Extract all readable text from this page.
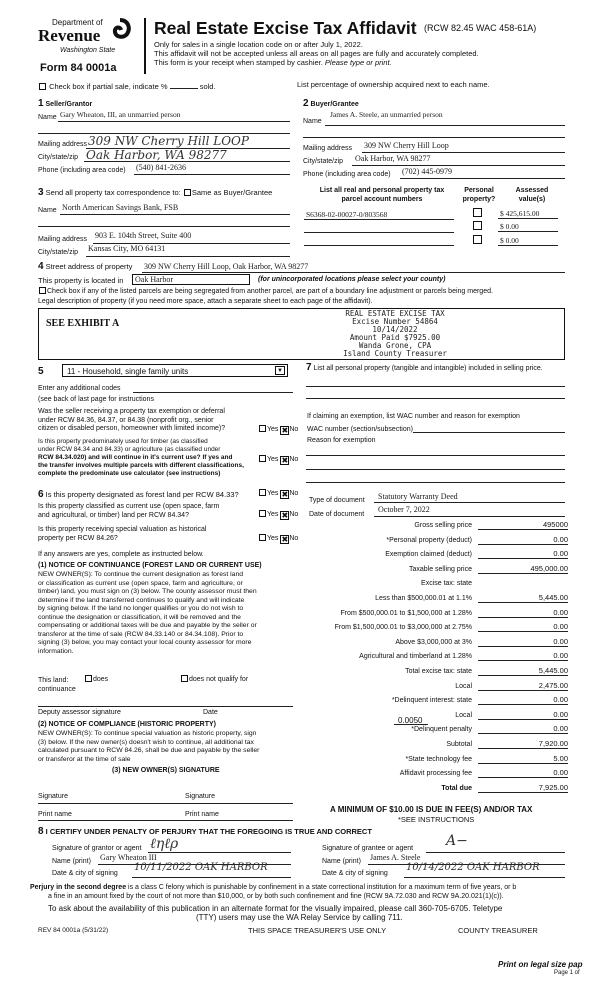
Department of
Revenue
Washington State
Form 84 0001a
Real Estate Excise Tax Affidavit (RCW 82.45 WAC 458-61A)
Only for sales in a single location code on or after July 1, 2022.
This affidavit will not be accepted unless all areas on all pages are fully and accurately completed.
This form is your receipt when stamped by cashier. Please type or print.
Check box if partial sale, indicate %	sold.	List percentage of ownership acquired next to each name.
1 Seller/Grantor
Name Gary Wheaton, III, an unmarried person
Mailing address 309 NW Cherry Hill LOOP
City/state/zip Oak Harbor, WA 98277
Phone (including area code) (540) 841-2636
2 Buyer/Grantee
Name
James A. Steele, an unmarried person
Mailing address 309 NW Cherry Hill Loop
City/state/zip Oak Harbor, WA 98277
Phone (including area code) (702) 445-0979
3 Send all property tax correspondence to: Same as Buyer/Grantee
Name North American Savings Bank, FSB
Mailing address 903 E. 104th Street, Suite 400
City/state/zip Kansas City, MO 64131
List all real and personal property tax parcel account numbers
Personal property?
Assessed value(s)
S6368-02-00027-0/803568	$ 425,615.00
$ 0.00
$ 0.00
4 Street address of property 309 NW Cherry Hill Loop, Oak Harbor, WA 98277
This property is located in	Oak Harbor	(for unincorporated locations please select your county)
Check box if any of the listed parcels are being segregated from another parcel, are part of a boundary line adjustment or parcels being merged.
Legal description of property (if you need more space, attach a separate sheet to each page of the affidavit).
SEE EXHIBIT A
REAL ESTATE EXCISE TAX
Excise Number 54864
10/14/2022
Amount Paid $7925.00
Wanda Grone, CPA
Island County Treasurer
5	11 - Household, single family units	▼
Enter any additional codes
(see back of last page for instructions
Was the seller receiving a property tax exemption or deferral
under RCW 84.36, 84.37, or 84.38 (nonprofit org., senior
citizen or disabled person, homeowner with limited income)?	Yes ✖No
Is this property predominately used for timber (as classified
under RCW 84.34 and 84.33) or agriculture (as classified under
RCW 84.34.020) and will continue in it's current use? If yes and
the transfer involves multiple parcels with different classifications,
complete the predominate use calculator (see instructions)
Yes ✖No
7 List all personal property (tangible and intangible) included in selling price.
If claiming an exemption, list WAC number and reason for exemption
WAC number (section/subsection)
Reason for exemption
Type of document Statutory Warranty Deed
Date of document
October 7, 2022
6 Is this property designated as forest land per RCW 84.33?	Yes ✖No
Is this property classified as current use (open space, farm
and agricultural, or timber) land per RCW 84.34?	Yes ✖No
Is this property receiving special valuation as historical
property per RCW 84.26?	Yes ✖No
If any answers are yes, complete as instructed below.
(1) NOTICE OF CONTINUANCE (FOREST LAND OR CURRENT USE)
NEW OWNER(S): To continue the current designation as forest land
or classification as current use (open space, farm and agriculture, or
timber) land, you must sign on (3) below. The county assessor must then
determine if the land transferred continues to qualify and will indicate
by signing below. If the land no longer qualifies or you do not wish to
continue the designation or classification, it will be removed and the
compensating or additional taxes will be due and payable by the seller or
transferor at the time of sale (RCW 84.33.140 or 84.34.108). Prior to
signing (3) below, you may contact your local county assessor for more
information.
This land:	does	does not qualify for
continuance
Deputy assessor signature	Date
(2) NOTICE OF COMPLIANCE (HISTORIC PROPERTY)
NEW OWNER(S): To continue special valuation as historic property, sign
(3) below. If the new owner(s) doesn't wish to continue, all additional tax
calculated pursuant to RCW 84.26, shall be due and payable by the seller
or transferor at the time of sale
(3) NEW OWNER(S) SIGNATURE
Signature	Signature
Print name	Print name
Gross selling price	495000
*Personal property (deduct)	0.00
Exemption claimed (deduct)	0.00
Taxable selling price	495,000.00
Excise tax: state
Less than $500,000.01 at 1.1%	5,445.00
From $500,000.01 to $1,500,000 at 1.28%	0.00
From $1,500,000.01 to $3,000,000 at 2.75%	0.00
Above $3,000,000 at 3%	0.00
Agricultural and timberland at 1.28%	0.00
Total excise tax: state	5,445.00
Local	2,475.00
*Delinquent interest: state	0.00
Local	0.00
*Delinquent penalty	0.00
Subtotal	7,920.00
*State technology fee	5.00
Affidavit processing fee	0.00
Total due	7,925.00
0.0050
A MINIMUM OF $10.00 IS DUE IN FEE(S) AND/OR TAX
*SEE INSTRUCTIONS
8 I CERTIFY UNDER PENALTY OF PERJURY THAT THE FOREGOING IS TRUE AND CORRECT
Signature of grantor or agent ℓηℓρ
Name (print) Gary Wheaton III
Date & city of signing
10/11/2022 OAK HARBOR
Signature of grantee or agent A−
Name (print) James A. Steele
Date & city of signing
10/14/2022 OAK HARBOR
Perjury in the second degree is a class C felony which is punishable by confinement in a state correctional institution for a maximum term of five years, or b
a fine in an amount fixed by the court of not more than $10,000, or by both such confinement and fine (RCW 9A.72.030 and RCW 9A.20.021(1)(c)).
To ask about the availability of this publication in an alternate format for the visually impaired, please call 360-705-6705. Teletype
(TTY) users may use the WA Relay Service by calling 711.
REV 84 0001a (5/31/22)	THIS SPACE TREASURER'S USE ONLY	COUNTY TREASURER
Print on legal size pap
Page 1 of
